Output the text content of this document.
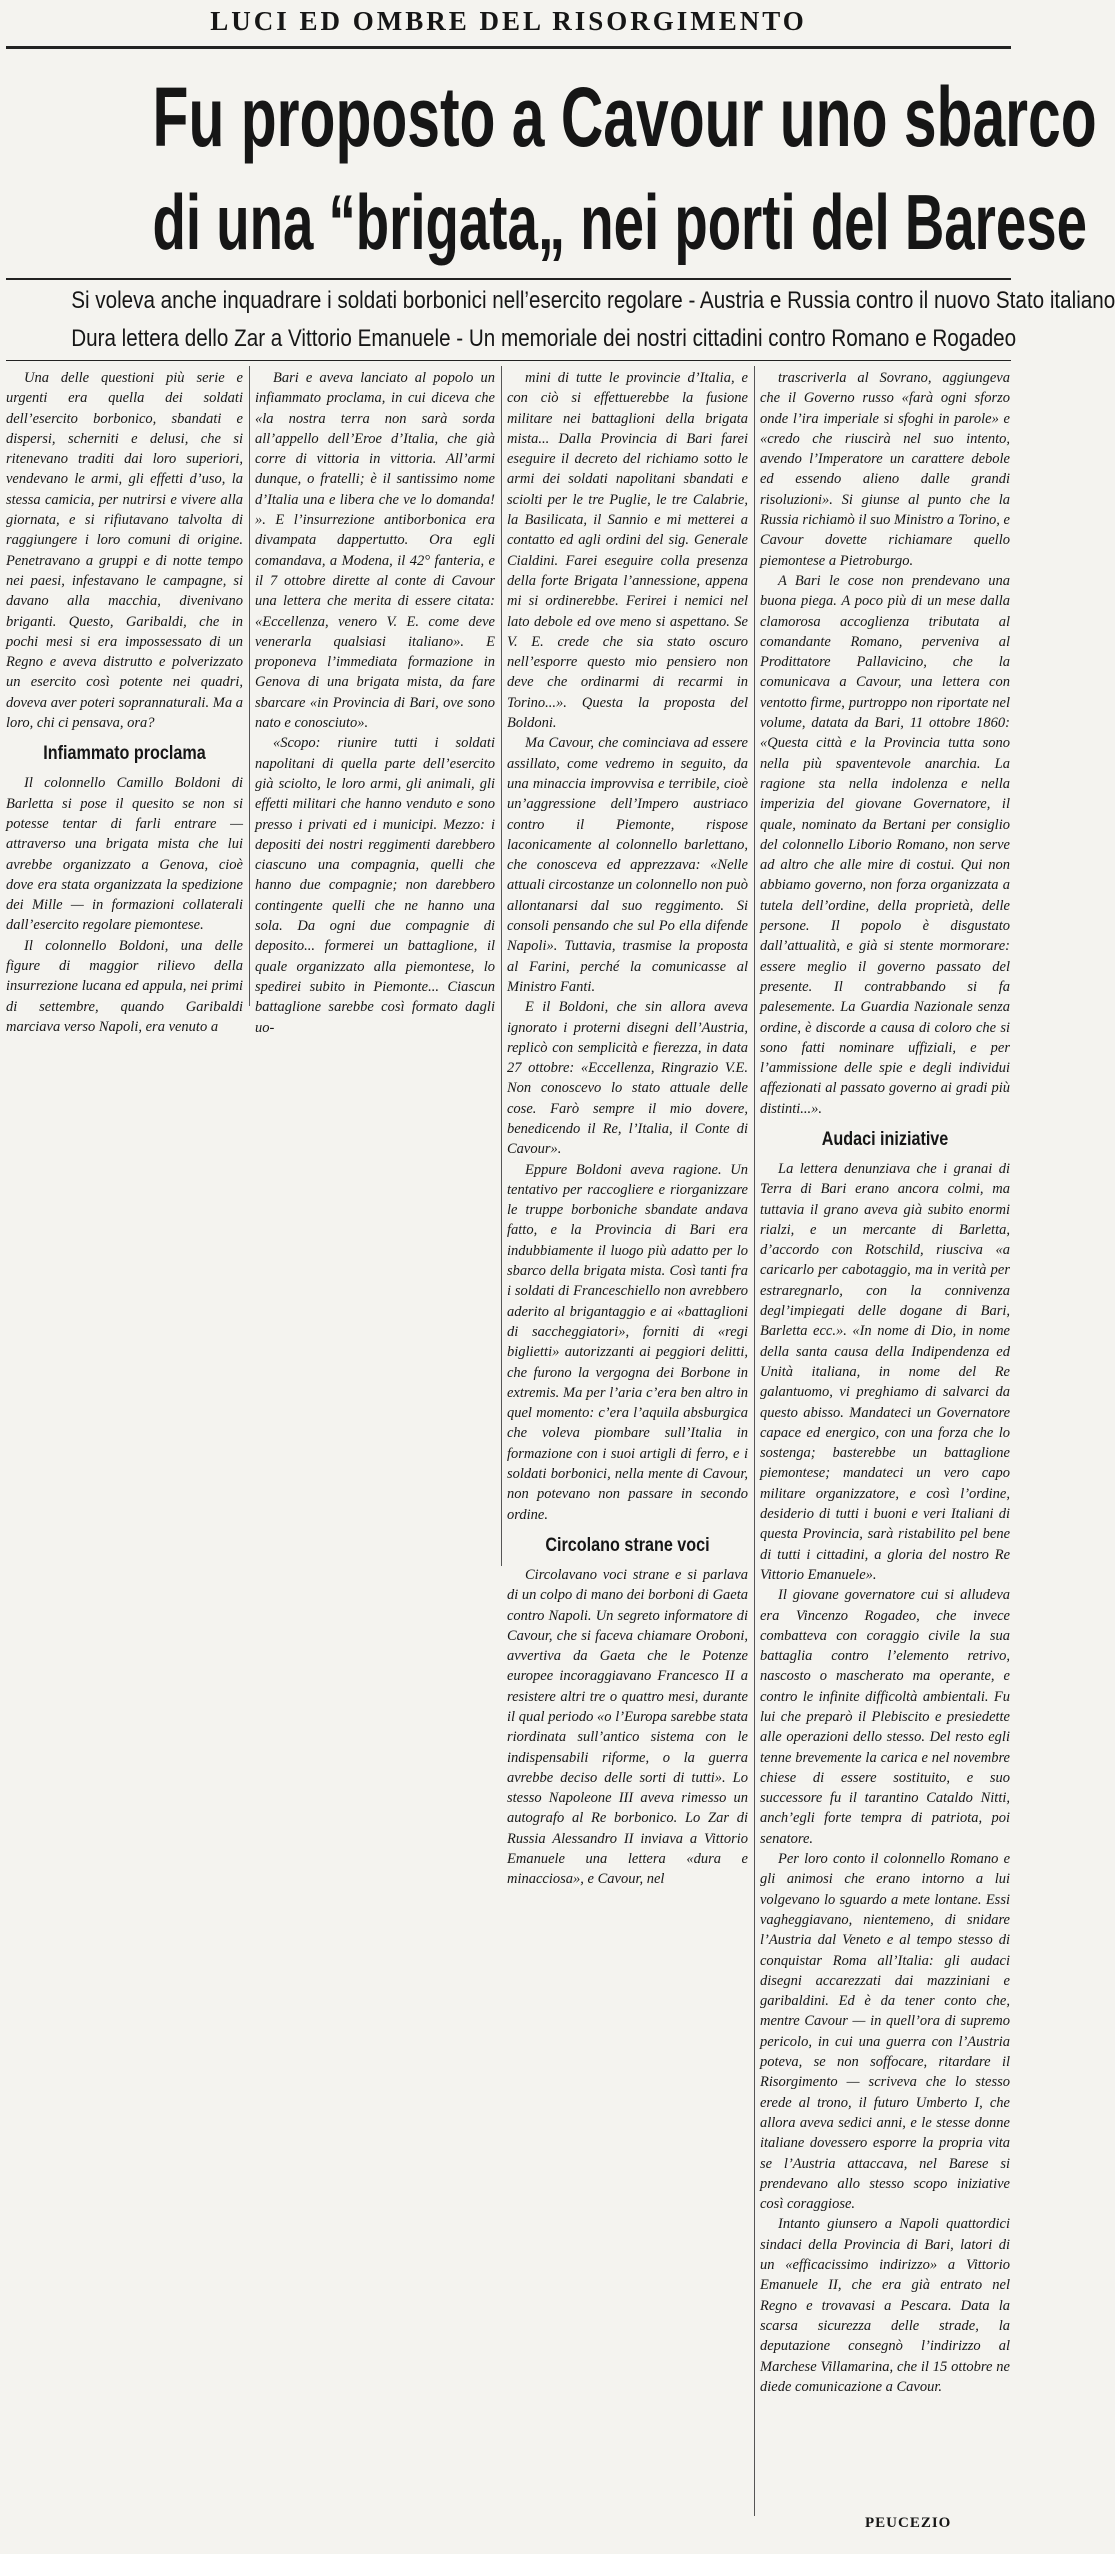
LUCI ED OMBRE DEL RISORGIMENTO
Fu proposto a Cavour uno sbarco
di una “brigata„ nei porti del Barese
Si voleva anche inquadrare i soldati borbonici nell’esercito regolare - Austria e Russia contro il nuovo Stato italiano
Dura lettera dello Zar a Vittorio Emanuele - Un memoriale dei nostri cittadini contro Romano e Rogadeo

Una delle questioni più serie e urgenti era quella dei soldati dell’esercito borbonico, sbandati e dispersi, scherniti e delusi, che si ritenevano traditi dai loro superiori, vendevano le armi, gli effetti d’uso, la stessa camicia, per nutrirsi e vivere alla giornata, e si rifiutavano talvolta di raggiungere i loro comuni di origine. Penetravano a gruppi e di notte tempo nei paesi, infestavano le campagne, si davano alla macchia, divenivano briganti. Questo, Garibaldi, che in pochi mesi si era impossessato di un Regno e aveva distrutto e polverizzato un esercito così potente nei quadri, doveva aver poteri soprannaturali. Ma a loro, chi ci pensava, ora?

Infiammato proclama

Il colonnello Camillo Boldoni di Barletta si pose il quesito se non si potesse tentar di farli entrare — attraverso una brigata mista che lui avrebbe organizzato a Genova, cioè dove era stata organizzata la spedizione dei Mille — in formazioni collaterali dall’esercito regolare piemontese.

Il colonnello Boldoni, una delle figure di maggior rilievo della insurrezione lucana ed appula, nei primi di settembre, quando Garibaldi marciava verso Napoli, era venuto a

Bari e aveva lanciato al popolo un infiammato proclama, in cui diceva che «la nostra terra non sarà sorda all’appello dell’Eroe d’Italia, che già corre di vittoria in vittoria. All’armi dunque, o fratelli; è il santissimo nome d’Italia una e libera che ve lo domanda! ». E l’insurrezione antiborbonica era divampata dappertutto. Ora egli comandava, a Modena, il 42° fanteria, e il 7 ottobre dirette al conte di Cavour una lettera che merita di essere citata: «Eccellenza, venero V. E. come deve venerarla qualsiasi italiano». E proponeva l’immediata formazione in Genova di una brigata mista, da fare sbarcare «in Provincia di Bari, ove sono nato e conosciuto».

«Scopo: riunire tutti i soldati napolitani di quella parte dell’esercito già sciolto, le loro armi, gli animali, gli effetti militari che hanno venduto e sono presso i privati ed i municipi. Mezzo: i depositi dei nostri reggimenti darebbero ciascuno una compagnia, quelli che hanno due compagnie; non darebbero contingente quelli che ne hanno una sola. Da ogni due compagnie di deposito... formerei un battaglione, il quale organizzato alla piemontese, lo spedirei subito in Piemonte... Ciascun battaglione sarebbe così formato dagli uo-

mini di tutte le provincie d’Italia, e con ciò si effettuerebbe la fusione militare nei battaglioni della brigata mista... Dalla Provincia di Bari farei eseguire il decreto del richiamo sotto le armi dei soldati napolitani sbandati e sciolti per le tre Puglie, le tre Calabrie, la Basilicata, il Sannio e mi metterei a contatto ed agli ordini del sig. Generale Cialdini. Farei eseguire colla presenza della forte Brigata l’annessione, appena mi si ordinerebbe. Ferirei i nemici nel lato debole ed ove meno si aspettano. Se V. E. crede che sia stato oscuro nell’esporre questo mio pensiero non deve che ordinarmi di recarmi in Torino...». Questa la proposta del Boldoni.

Ma Cavour, che cominciava ad essere assillato, come vedremo in seguito, da una minaccia improvvisa e terribile, cioè un’aggressione dell’Impero austriaco contro il Piemonte, rispose laconicamente al colonnello barlettano, che conosceva ed apprezzava: «Nelle attuali circostanze un colonnello non può allontanarsi dal suo reggimento. Si consoli pensando che sul Po ella difende Napoli». Tuttavia, trasmise la proposta al Farini, perché la comunicasse al Ministro Fanti.

E il Boldoni, che sin allora aveva ignorato i proterni disegni dell’Austria, replicò con semplicità e fierezza, in data 27 ottobre: «Eccellenza, Ringrazio V.E. Non conoscevo lo stato attuale delle cose. Farò sempre il mio dovere, benedicendo il Re, l’Italia, il Conte di Cavour».

Eppure Boldoni aveva ragione. Un tentativo per raccogliere e riorganizzare le truppe borboniche sbandate andava fatto, e la Provincia di Bari era indubbiamente il luogo più adatto per lo sbarco della brigata mista. Così tanti fra i soldati di Franceschiello non avrebbero aderito al brigantaggio e ai «battaglioni di saccheggiatori», forniti di «regi biglietti» autorizzanti ai peggiori delitti, che furono la vergogna dei Borbone in extremis. Ma per l’aria c’era ben altro in quel momento: c’era l’aquila absburgica che voleva piombare sull’Italia in formazione con i suoi artigli di ferro, e i soldati borbonici, nella mente di Cavour, non potevano non passare in secondo ordine.

Circolano strane voci

Circolavano voci strane e si parlava di un colpo di mano dei borboni di Gaeta contro Napoli. Un segreto informatore di Cavour, che si faceva chiamare Oroboni, avvertiva da Gaeta che le Potenze europee incoraggiavano Francesco II a resistere altri tre o quattro mesi, durante il qual periodo «o l’Europa sarebbe stata riordinata sull’antico sistema con le indispensabili riforme, o la guerra avrebbe deciso delle sorti di tutti». Lo stesso Napoleone III aveva rimesso un autografo al Re borbonico. Lo Zar di Russia Alessandro II inviava a Vittorio Emanuele una lettera «dura e minacciosa», e Cavour, nel

trascriverla al Sovrano, aggiungeva che il Governo russo «farà ogni sforzo onde l’ira imperiale si sfoghi in parole» e «credo che riuscirà nel suo intento, avendo l’Imperatore un carattere debole ed essendo alieno dalle grandi risoluzioni». Si giunse al punto che la Russia richiamò il suo Ministro a Torino, e Cavour dovette richiamare quello piemontese a Pietroburgo.

A Bari le cose non prendevano una buona piega. A poco più di un mese dalla clamorosa accoglienza tributata al comandante Romano, perveniva al Prodittatore Pallavicino, che la comunicava a Cavour, una lettera con ventotto firme, purtroppo non riportate nel volume, datata da Bari, 11 ottobre 1860: «Questa città e la Provincia tutta sono nella più spaventevole anarchia. La ragione sta nella indolenza e nella imperizia del giovane Governatore, il quale, nominato da Bertani per consiglio del colonnello Liborio Romano, non serve ad altro che alle mire di costui. Qui non abbiamo governo, non forza organizzata a tutela dell’ordine, della proprietà, delle persone. Il popolo è disgustato dall’attualità, e già si stente mormorare: essere meglio il governo passato del presente. Il contrabbando si fa palesemente. La Guardia Nazionale senza ordine, è discorde a causa di coloro che si sono fatti nominare uffiziali, e per l’ammissione delle spie e degli individui affezionati al passato governo ai gradi più distinti...».

Audaci iniziative

La lettera denunziava che i granai di Terra di Bari erano ancora colmi, ma tuttavia il grano aveva già subito enormi rialzi, e un mercante di Barletta, d’accordo con Rotschild, riusciva «a caricarlo per cabotaggio, ma in verità per estraregnarlo, con la connivenza degl’impiegati delle dogane di Bari, Barletta ecc.». «In nome di Dio, in nome della santa causa della Indipendenza ed Unità italiana, in nome del Re galantuomo, vi preghiamo di salvarci da questo abisso. Mandateci un Governatore capace ed energico, con una forza che lo sostenga; basterebbe un battaglione piemontese; mandateci un vero capo militare organizzatore, e così l’ordine, desiderio di tutti i buoni e veri Italiani di questa Provincia, sarà ristabilito pel bene di tutti i cittadini, a gloria del nostro Re Vittorio Emanuele».

Il giovane governatore cui si alludeva era Vincenzo Rogadeo, che invece combatteva con coraggio civile la sua battaglia contro l’elemento retrivo, nascosto o mascherato ma operante, e contro le infinite difficoltà ambientali. Fu lui che preparò il Plebiscito e presiedette alle operazioni dello stesso. Del resto egli tenne brevemente la carica e nel novembre chiese di essere sostituito, e suo successore fu il tarantino Cataldo Nitti, anch’egli forte tempra di patriota, poi senatore.

Per loro conto il colonnello Romano e gli animosi che erano intorno a lui volgevano lo sguardo a mete lontane. Essi vagheggiavano, nientemeno, di snidare l’Austria dal Veneto e al tempo stesso di conquistar Roma all’Italia: gli audaci disegni accarezzati dai mazziniani e garibaldini. Ed è da tener conto che, mentre Cavour — in quell’ora di supremo pericolo, in cui una guerra con l’Austria poteva, se non soffocare, ritardare il Risorgimento — scriveva che lo stesso erede al trono, il futuro Umberto I, che allora aveva sedici anni, e le stesse donne italiane dovessero esporre la propria vita se l’Austria attaccava, nel Barese si prendevano allo stesso scopo iniziative così coraggiose.

Intanto giunsero a Napoli quattordici sindaci della Provincia di Bari, latori di un «efficacissimo indirizzo» a Vittorio Emanuele II, che era già entrato nel Regno e trovavasi a Pescara. Data la scarsa sicurezza delle strade, la deputazione consegnò l’indirizzo al Marchese Villamarina, che il 15 ottobre ne diede comunicazione a Cavour.

PEUCEZIO
